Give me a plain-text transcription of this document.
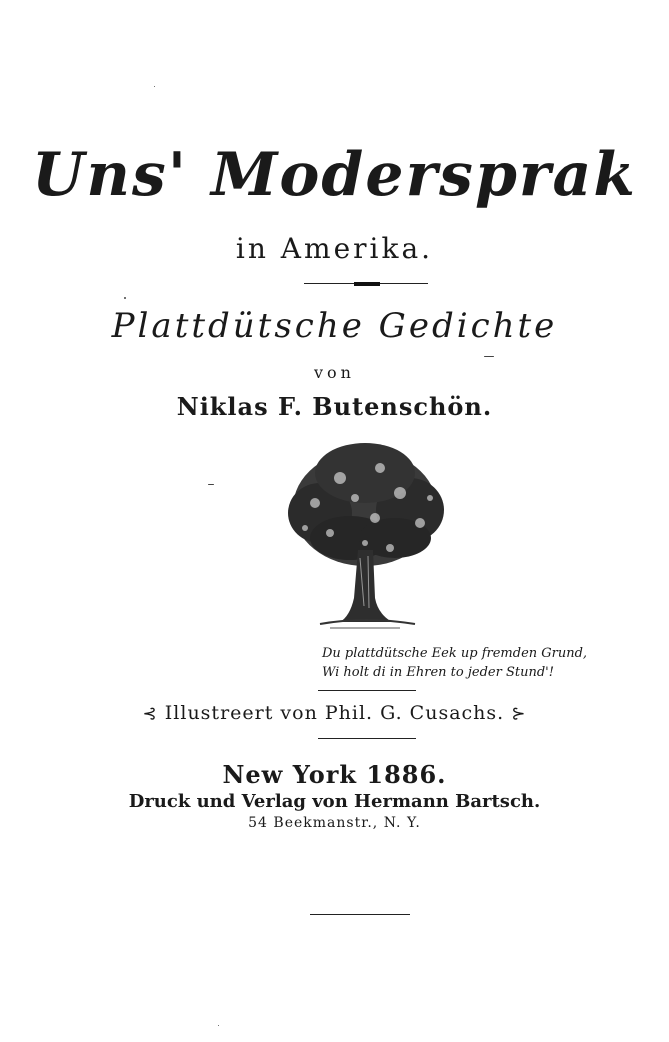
Uns' Modersprak
in Amerika.
Plattdütsche Gedichte
von
Niklas F. Butenschön.
Du plattdütsche Eek up fremden Grund,
Wi holt di in Ehren to jeder Stund'!
⊰ Illustreert von Phil. G. Cusachs. ⊱
New York 1886.
Druck und Verlag von Hermann Bartsch.
54 Beekmanstr., N. Y.
